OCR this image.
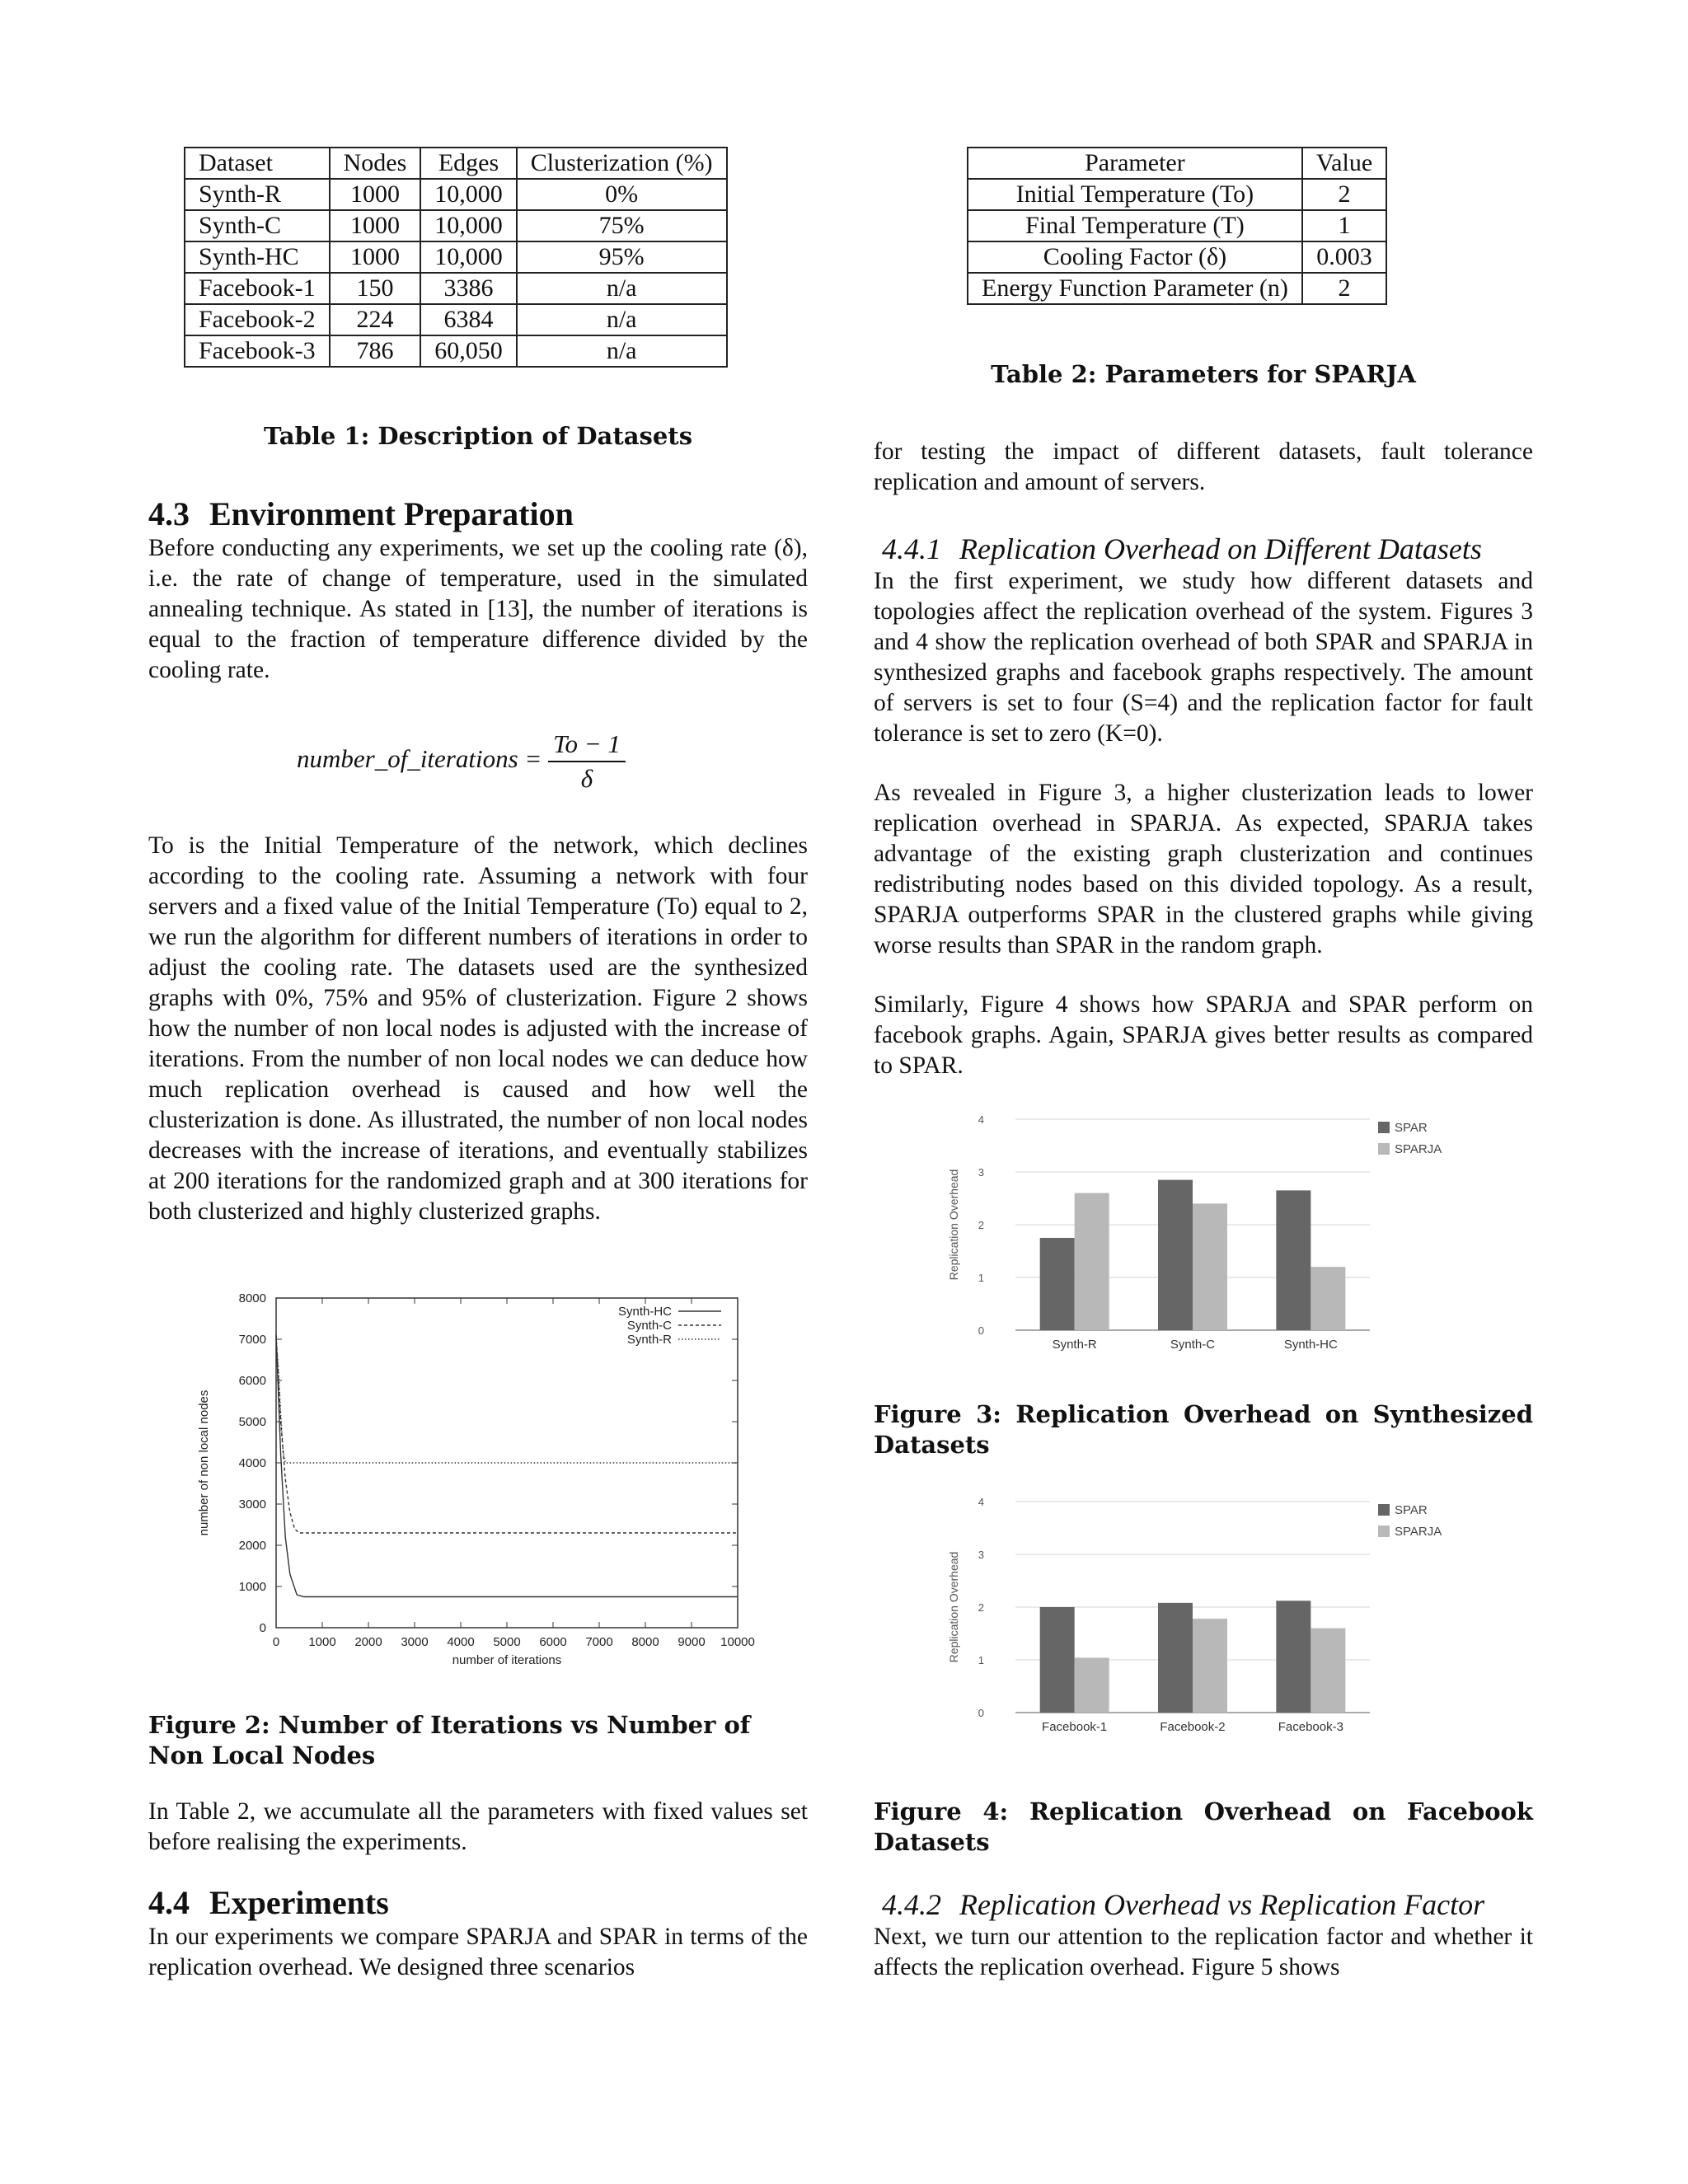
Dataset	Nodes	Edges	Clusterization (%)
Synth-R	1000	10,000	0%
Synth-C	1000	10,000	75%
Synth-HC	1000	10,000	95%
Facebook-1	150	3386	n/a
Facebook-2	224	6384	n/a
Facebook-3	786	60,050	n/a
Table 1: Description of Datasets
4.3 Environment Preparation

Before conducting any experiments, we set up the cooling rate (δ), i.e. the rate of change of temperature, used in the simulated annealing technique. As stated in [13], the number of iterations is equal to the fraction of temperature difference divided by the cooling rate.

number_of_iterations = $\frac{To - 1}{\delta}$

To is the Initial Temperature of the network, which declines according to the cooling rate. Assuming a network with four servers and a fixed value of the Initial Temperature (To) equal to 2, we run the algorithm for different numbers of iterations in order to adjust the cooling rate. The datasets used are the synthesized graphs with 0%, 75% and 95% of clusterization. Figure 2 shows how the number of non local nodes is adjusted with the increase of iterations. From the number of non local nodes we can deduce how much replication overhead is caused and how well the clusterization is done. As illustrated, the number of non local nodes decreases with the increase of iterations, and eventually stabilizes at 200 iterations for the randomized graph and at 300 iterations for both clusterized and highly clusterized graphs.

0
1000
2000
3000
4000
5000
6000
7000
8000
0 1000 2000 3000 4000 5000 6000 7000 8000 9000 10000
number of iterations
number of non local nodes
Synth-HC
Synth-C
Synth-R
Figure 2: Number of Iterations vs Number of Non Local Nodes

In Table 2, we accumulate all the parameters with fixed values set before realising the experiments.

4.4 Experiments

In our experiments we compare SPARJA and SPAR in terms of the replication overhead. We designed three scenarios

Parameter	Value
Initial Temperature (To)	2
Final Temperature (T)	1
Cooling Factor (δ)	0.003
Energy Function Parameter (n)	2
Table 2: Parameters for SPARJA

for testing the impact of different datasets, fault tolerance replication and amount of servers.

4.4.1 Replication Overhead on Different Datasets

In the first experiment, we study how different datasets and topologies affect the replication overhead of the system. Figures 3 and 4 show the replication overhead of both SPAR and SPARJA in synthesized graphs and facebook graphs respectively. The amount of servers is set to four (S=4) and the replication factor for fault tolerance is set to zero (K=0).

As revealed in Figure 3, a higher clusterization leads to lower replication overhead in SPARJA. As expected, SPARJA takes advantage of the existing graph clusterization and continues redistributing nodes based on this divided topology. As a result, SPARJA outperforms SPAR in the clustered graphs while giving worse results than SPAR in the random graph.

Similarly, Figure 4 shows how SPARJA and SPAR perform on facebook graphs. Again, SPARJA gives better results as compared to SPAR.

0
1
2
3
4
Replication Overhead
Synth-R	Synth-C	Synth-HC
SPAR
SPARJA
Figure 3: Replication Overhead on Synthesized Datasets
0
1
2
3
4
Replication Overhead
Facebook-1	Facebook-2	Facebook-3
SPAR
SPARJA
Figure 4: Replication Overhead on Facebook Datasets
4.4.2 Replication Overhead vs Replication Factor

Next, we turn our attention to the replication factor and whether it affects the replication overhead. Figure 5 shows
